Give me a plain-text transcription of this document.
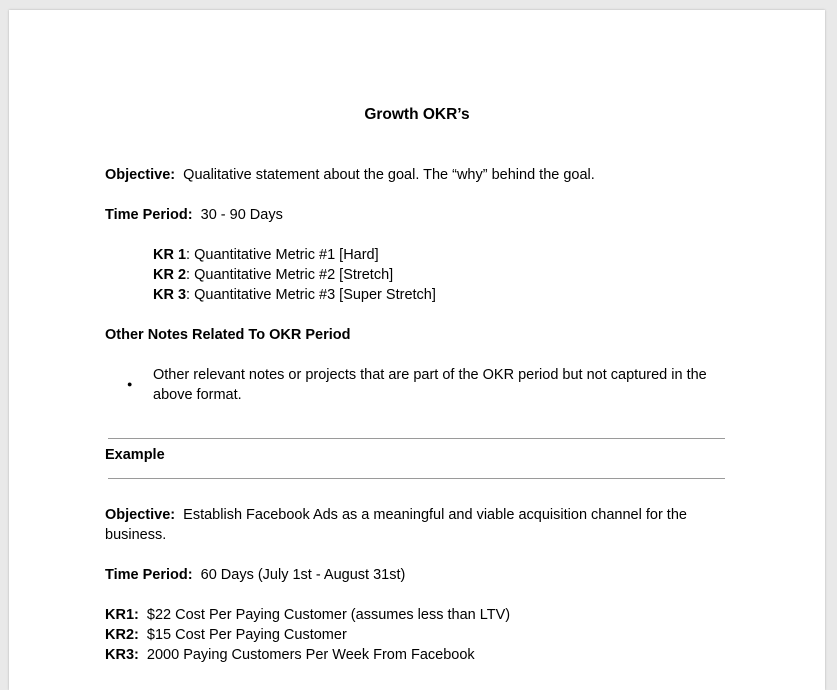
Growth OKR’s
Objective: Qualitative statement about the goal. The “why” behind the goal.
Time Period: 30 - 90 Days
KR 1: Quantitative Metric #1 [Hard]
KR 2: Quantitative Metric #2 [Stretch]
KR 3: Quantitative Metric #3 [Super Stretch]
Other Notes Related To OKR Period
●
Other relevant notes or projects that are part of the OKR period but not captured in the above format.
Example
Objective: Establish Facebook Ads as a meaningful and viable acquisition channel for the business.
Time Period: 60 Days (July 1st - August 31st)
KR1: $22 Cost Per Paying Customer (assumes less than LTV)
KR2: $15 Cost Per Paying Customer
KR3: 2000 Paying Customers Per Week From Facebook
